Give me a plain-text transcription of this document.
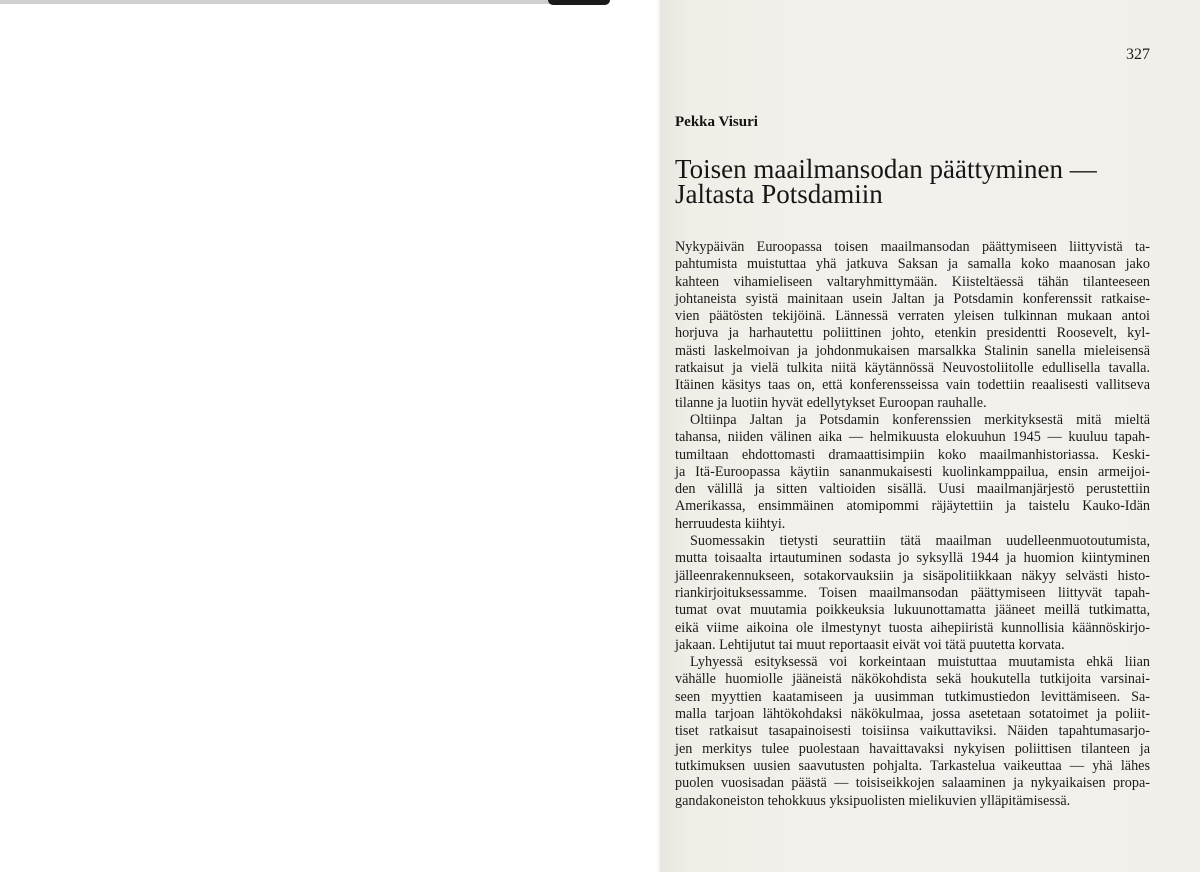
327
Pekka Visuri
Toisen maailmansodan päättyminen —
Jaltasta Potsdamiin
Nykypäivän Euroopassa toisen maailmansodan päättymiseen liittyvistä ta-
pahtumista muistuttaa yhä jatkuva Saksan ja samalla koko maanosan jako
kahteen vihamieliseen valtaryhmittymään. Kiisteltäessä tähän tilanteeseen
johtaneista syistä mainitaan usein Jaltan ja Potsdamin konferenssit ratkaise-
vien päätösten tekijöinä. Lännessä verraten yleisen tulkinnan mukaan antoi
horjuva ja harhautettu poliittinen johto, etenkin presidentti Roosevelt, kyl-
mästi laskelmoivan ja johdonmukaisen marsalkka Stalinin sanella mieleisensä
ratkaisut ja vielä tulkita niitä käytännössä Neuvostoliitolle edullisella tavalla.
Itäinen käsitys taas on, että konferensseissa vain todettiin reaalisesti vallitseva
tilanne ja luotiin hyvät edellytykset Euroopan rauhalle.
Oltiinpa Jaltan ja Potsdamin konferenssien merkityksestä mitä mieltä
tahansa, niiden välinen aika — helmikuusta elokuuhun 1945 — kuuluu tapah-
tumiltaan ehdottomasti dramaattisimpiin koko maailmanhistoriassa. Keski-
ja Itä-Euroopassa käytiin sananmukaisesti kuolinkamppailua, ensin armeijoi-
den välillä ja sitten valtioiden sisällä. Uusi maailmanjärjestö perustettiin
Amerikassa, ensimmäinen atomipommi räjäytettiin ja taistelu Kauko-Idän
herruudesta kiihtyi.
Suomessakin tietysti seurattiin tätä maailman uudelleenmuotoutumista,
mutta toisaalta irtautuminen sodasta jo syksyllä 1944 ja huomion kiintyminen
jälleenrakennukseen, sotakorvauksiin ja sisäpolitiikkaan näkyy selvästi histo-
riankirjoituksessamme. Toisen maailmansodan päättymiseen liittyvät tapah-
tumat ovat muutamia poikkeuksia lukuunottamatta jääneet meillä tutkimatta,
eikä viime aikoina ole ilmestynyt tuosta aihepiiristä kunnollisia käännöskirjo-
jakaan. Lehtijutut tai muut reportaasit eivät voi tätä puutetta korvata.
Lyhyessä esityksessä voi korkeintaan muistuttaa muutamista ehkä liian
vähälle huomiolle jääneistä näkökohdista sekä houkutella tutkijoita varsinai-
seen myyttien kaatamiseen ja uusimman tutkimustiedon levittämiseen. Sa-
malla tarjoan lähtökohdaksi näkökulmaa, jossa asetetaan sotatoimet ja poliit-
tiset ratkaisut tasapainoisesti toisiinsa vaikuttaviksi. Näiden tapahtumasarjo-
jen merkitys tulee puolestaan havaittavaksi nykyisen poliittisen tilanteen ja
tutkimuksen uusien saavutusten pohjalta. Tarkastelua vaikeuttaa — yhä lähes
puolen vuosisadan päästä — toisiseikkojen salaaminen ja nykyaikaisen propa-
gandakoneiston tehokkuus yksipuolisten mielikuvien ylläpitämisessä.
